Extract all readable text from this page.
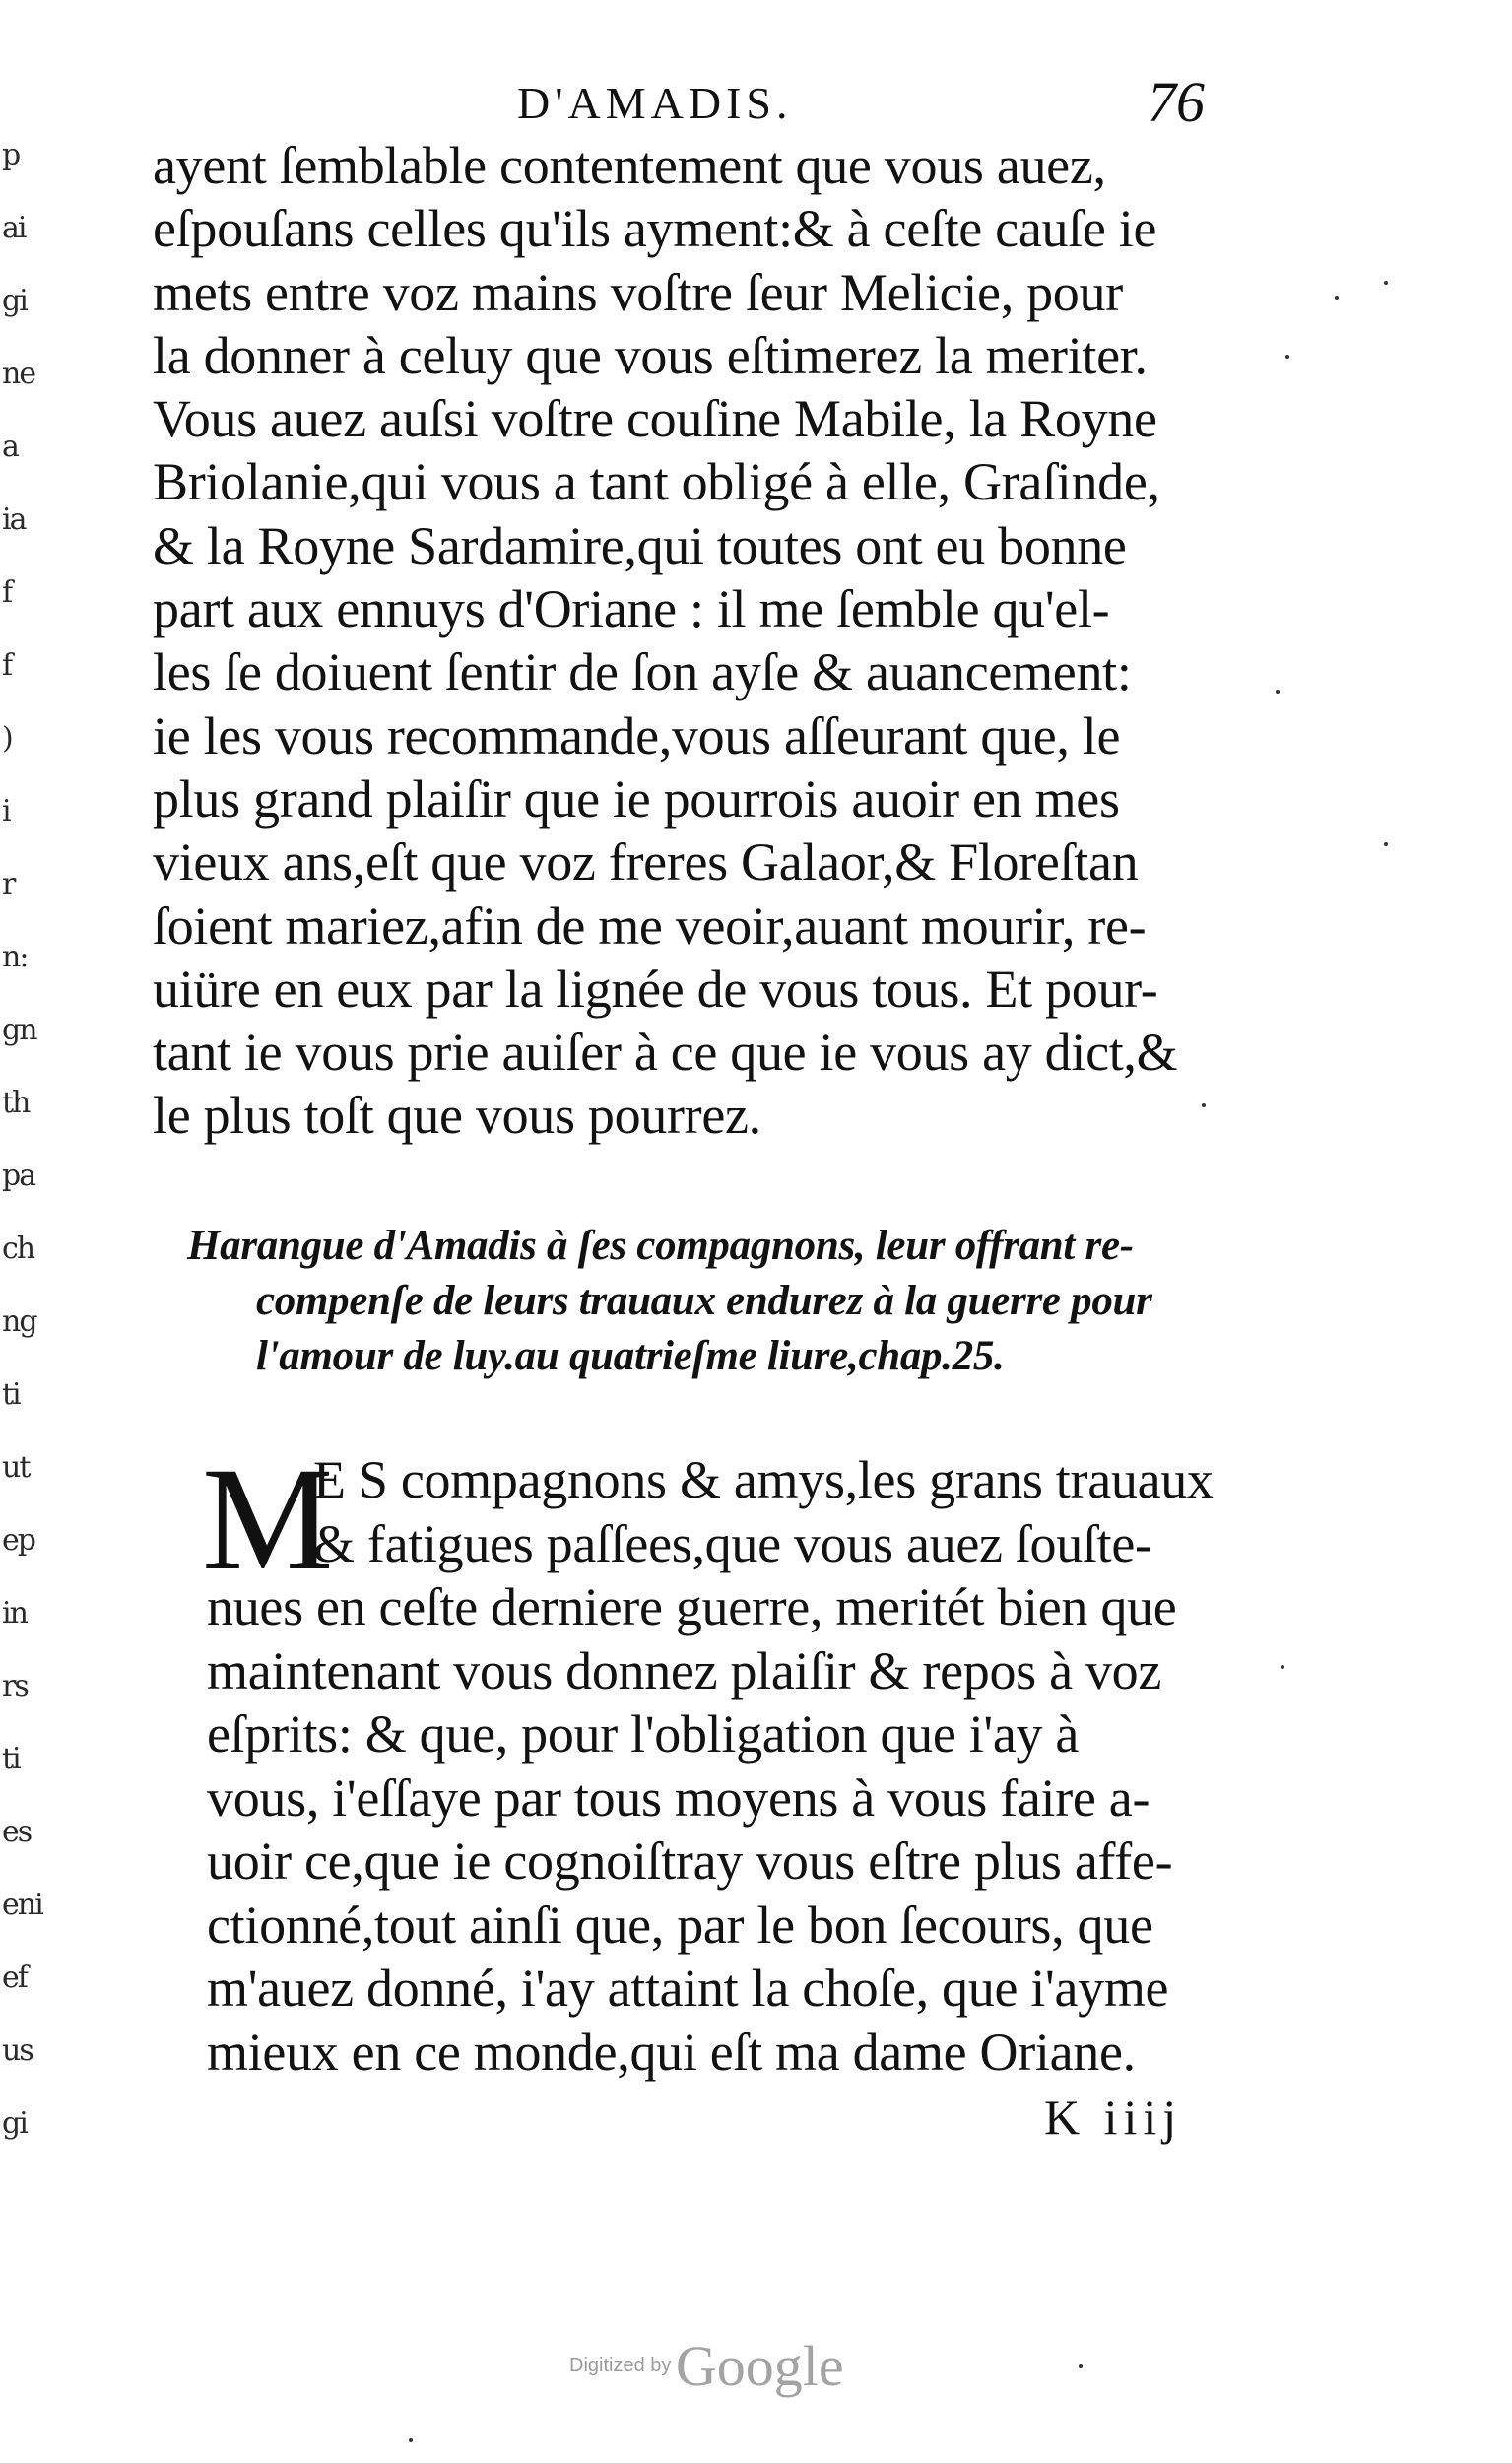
p
ai
gi
ne
a
ia
f
f
)
i
r
n:
gn
th
pa
ch
ng
ti
ut
ep
in
rs
ti
es
eni
ef
us
gi
D'AMADIS.	76
ayent ſemblable contentement que vous auez,
eſpouſans celles qu'ils ayment:& à ceſte cauſe ie
mets entre voz mains voſtre ſeur Melicie, pour
la donner à celuy que vous eſtimerez la meriter.
Vous auez auſsi voſtre couſine Mabile, la Royne
Briolanie,qui vous a tant obligé à elle, Graſinde,
& la Royne Sardamire,qui toutes ont eu bonne
part aux ennuys d'Oriane : il me ſemble qu'el-
les ſe doiuent ſentir de ſon ayſe & auancement:
ie les vous recommande,vous aſſeurant que, le
plus grand plaiſir que ie pourrois auoir en mes
vieux ans,eſt que voz freres Galaor,& Floreſtan
ſoient mariez,afin de me veoir,auant mourir, re-
uiüre en eux par la lignée de vous tous. Et pour-
tant ie vous prie auiſer à ce que ie vous ay dict,&
le plus toſt que vous pourrez.
Harangue d'Amadis à ſes compagnons, leur offrant re-
compenſe de leurs trauaux endurez à la guerre pour
l'amour de luy.au quatrieſme liure,chap.25.
M
E S compagnons & amys,les grans trauaux
& fatigues paſſees,que vous auez ſouſte-
nues en ceſte derniere guerre, meritét bien que
maintenant vous donnez plaiſir & repos à voz
eſprits: & que, pour l'obligation que i'ay à
vous, i'eſſaye par tous moyens à vous faire a-
uoir ce,que ie cognoiſtray vous eſtre plus affe-
ctionné,tout ainſi que, par le bon ſecours, que
m'auez donné, i'ay attaint la choſe, que i'ayme
mieux en ce monde,qui eſt ma dame Oriane.
K iiij
Digitized by Google
